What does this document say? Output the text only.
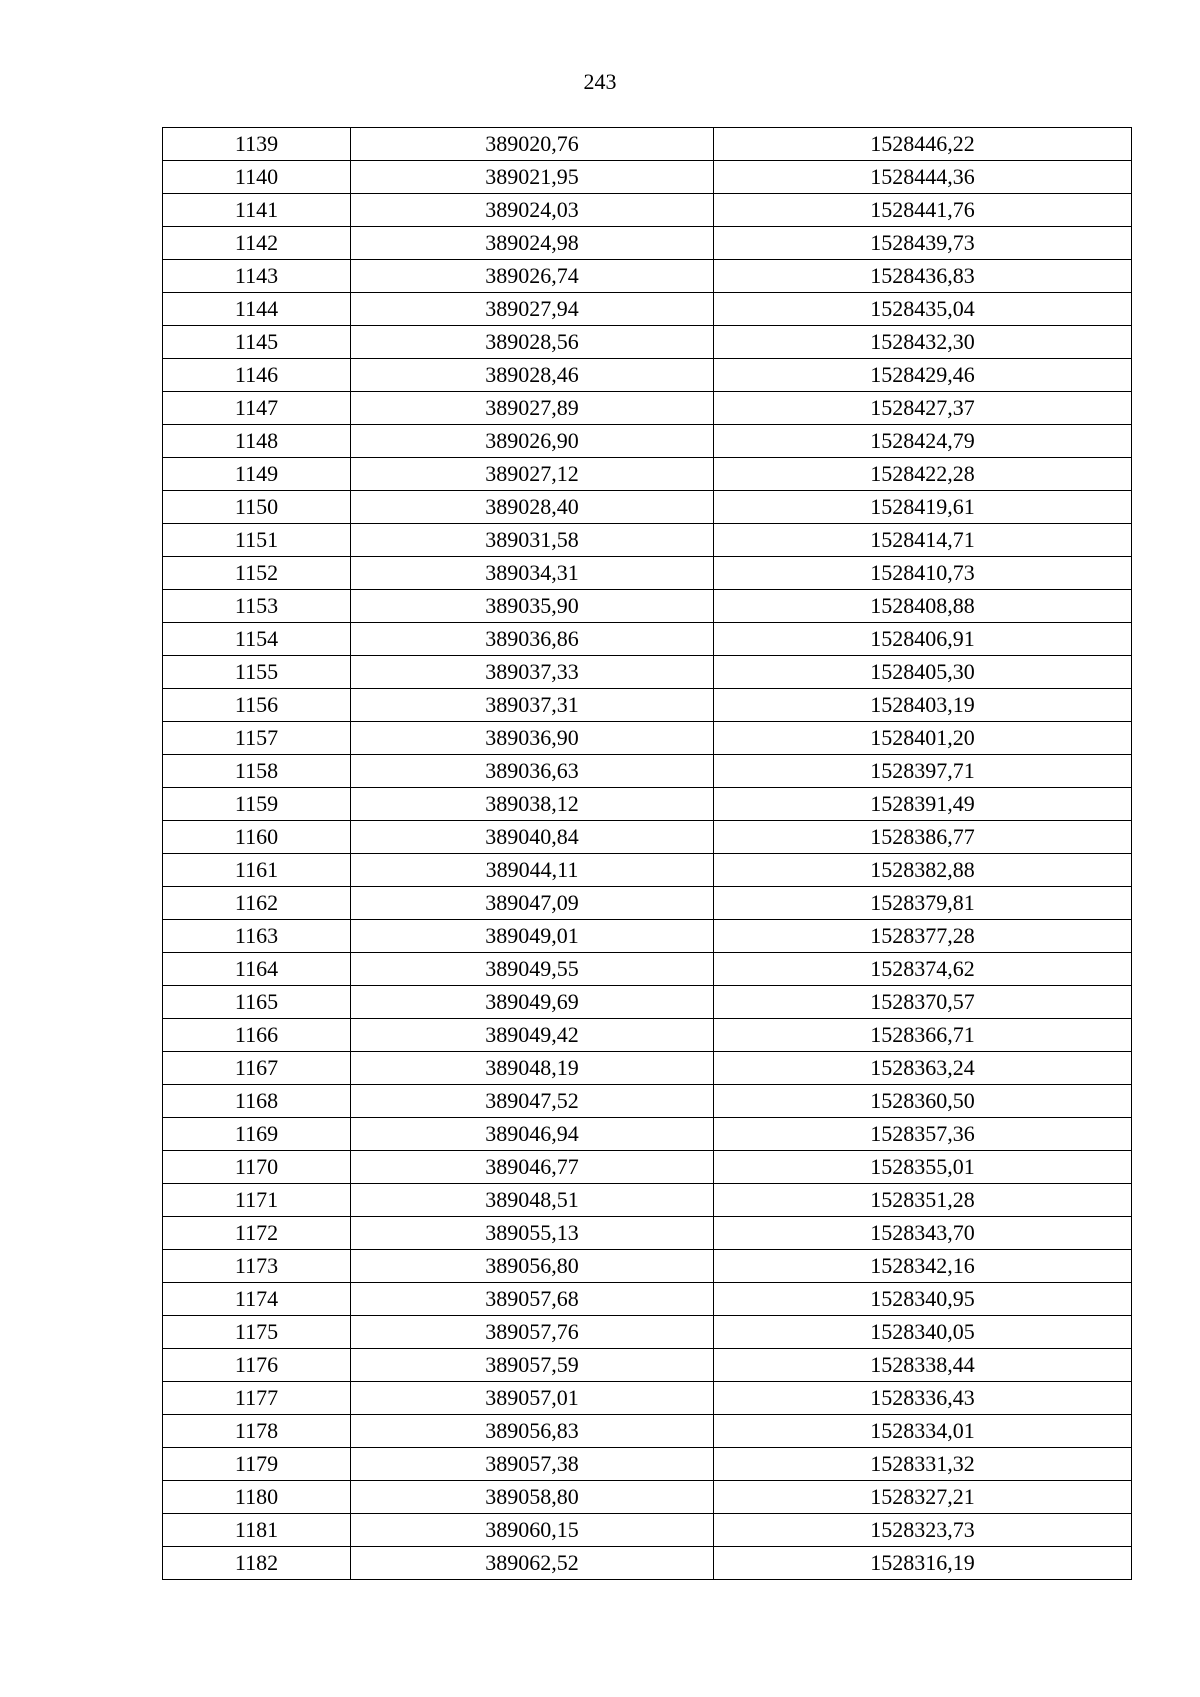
243
1139	389020,76	1528446,22
1140	389021,95	1528444,36
1141	389024,03	1528441,76
1142	389024,98	1528439,73
1143	389026,74	1528436,83
1144	389027,94	1528435,04
1145	389028,56	1528432,30
1146	389028,46	1528429,46
1147	389027,89	1528427,37
1148	389026,90	1528424,79
1149	389027,12	1528422,28
1150	389028,40	1528419,61
1151	389031,58	1528414,71
1152	389034,31	1528410,73
1153	389035,90	1528408,88
1154	389036,86	1528406,91
1155	389037,33	1528405,30
1156	389037,31	1528403,19
1157	389036,90	1528401,20
1158	389036,63	1528397,71
1159	389038,12	1528391,49
1160	389040,84	1528386,77
1161	389044,11	1528382,88
1162	389047,09	1528379,81
1163	389049,01	1528377,28
1164	389049,55	1528374,62
1165	389049,69	1528370,57
1166	389049,42	1528366,71
1167	389048,19	1528363,24
1168	389047,52	1528360,50
1169	389046,94	1528357,36
1170	389046,77	1528355,01
1171	389048,51	1528351,28
1172	389055,13	1528343,70
1173	389056,80	1528342,16
1174	389057,68	1528340,95
1175	389057,76	1528340,05
1176	389057,59	1528338,44
1177	389057,01	1528336,43
1178	389056,83	1528334,01
1179	389057,38	1528331,32
1180	389058,80	1528327,21
1181	389060,15	1528323,73
1182	389062,52	1528316,19
